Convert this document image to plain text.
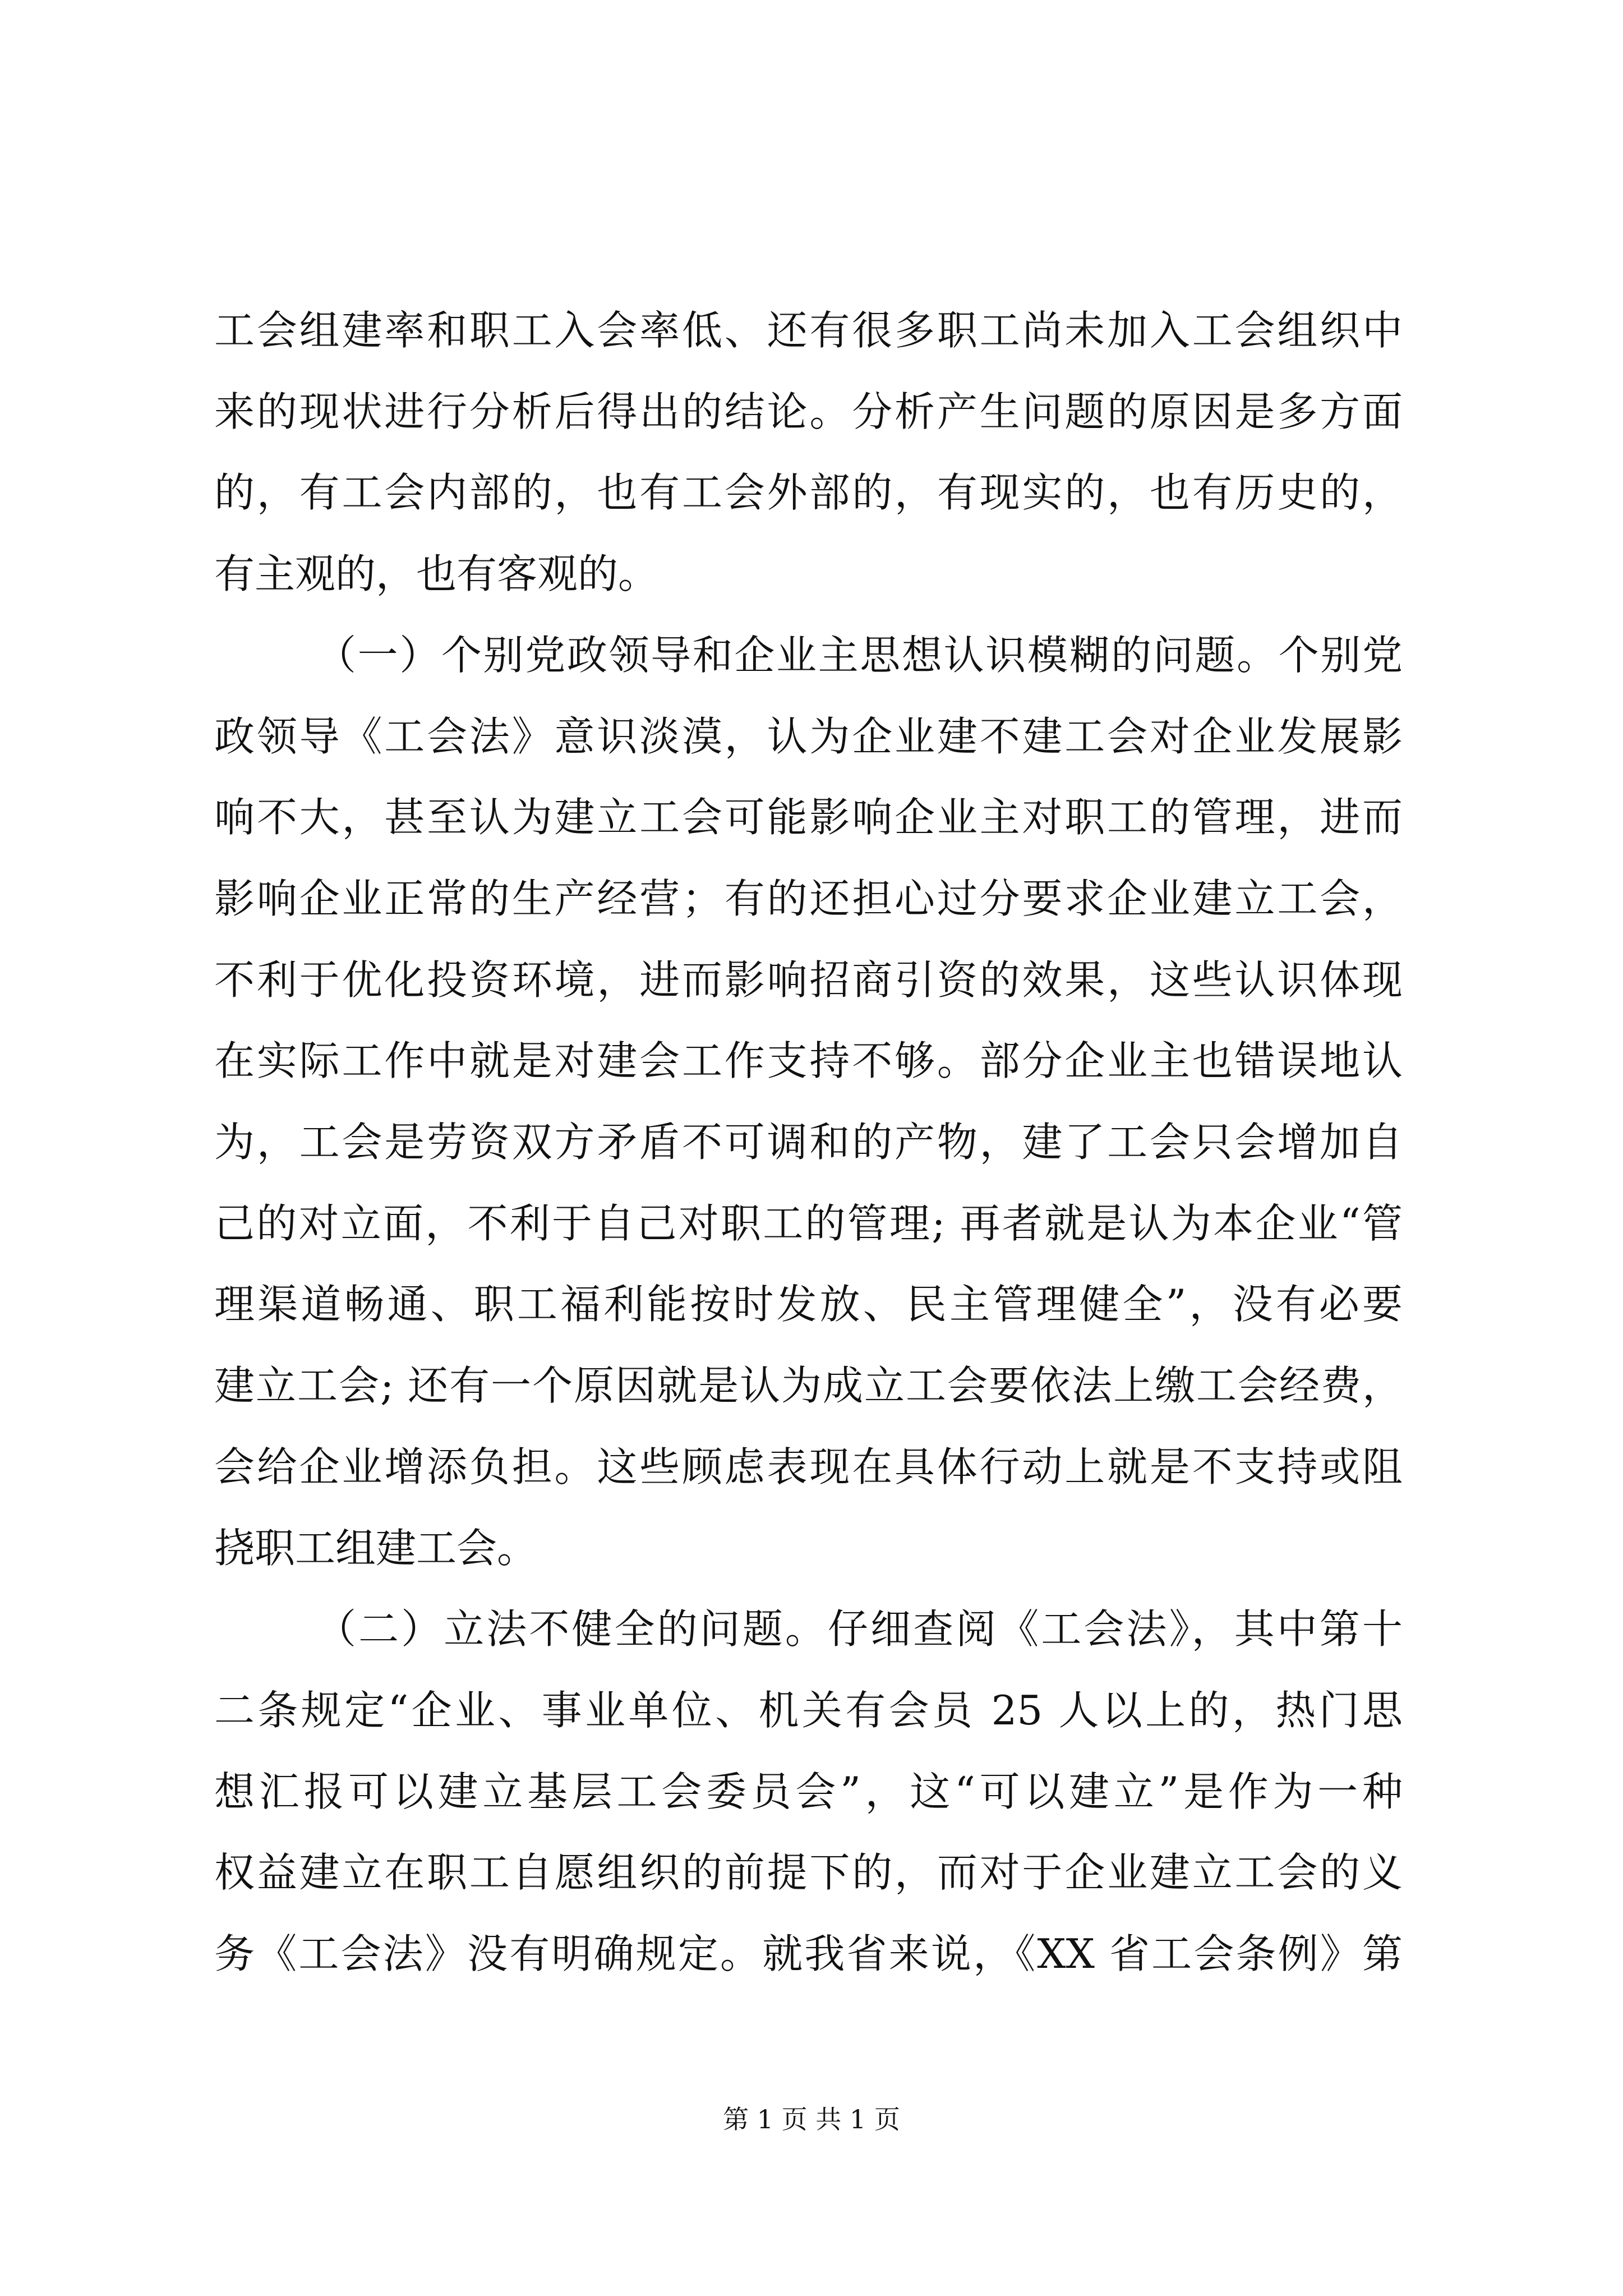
工会组建率和职工入会率低、还有很多职工尚未加入工会组织中
来的现状进行分析后得出的结论。分析产生问题的原因是多方面
的，有工会内部的，也有工会外部的，有现实的，也有历史的，
有主观的，也有客观的。
（一）个别党政领导和企业主思想认识模糊的问题。个别党
政领导《工会法》意识淡漠，认为企业建不建工会对企业发展影
响不大，甚至认为建立工会可能影响企业主对职工的管理，进而
影响企业正常的生产经营；有的还担心过分要求企业建立工会，
不利于优化投资环境，进而影响招商引资的效果，这些认识体现
在实际工作中就是对建会工作支持不够。部分企业主也错误地认
为，工会是劳资双方矛盾不可调和的产物，建了工会只会增加自
己的对立面，不利于自己对职工的管理; 再者就是认为本企业“管
理渠道畅通、职工福利能按时发放、民主管理健全”，没有必要
建立工会; 还有一个原因就是认为成立工会要依法上缴工会经费，
会给企业增添负担。这些顾虑表现在具体行动上就是不支持或阻
挠职工组建工会。
（二）立法不健全的问题。仔细查阅《工会法》，其中第十
二条规定“企业、事业单位、机关有会员 25 人以上的，热门思
想汇报可以建立基层工会委员会”，这“可以建立”是作为一种
权益建立在职工自愿组织的前提下的，而对于企业建立工会的义
务《工会法》没有明确规定。就我省来说，《XX 省工会条例》第
第 1 页 共 1 页
